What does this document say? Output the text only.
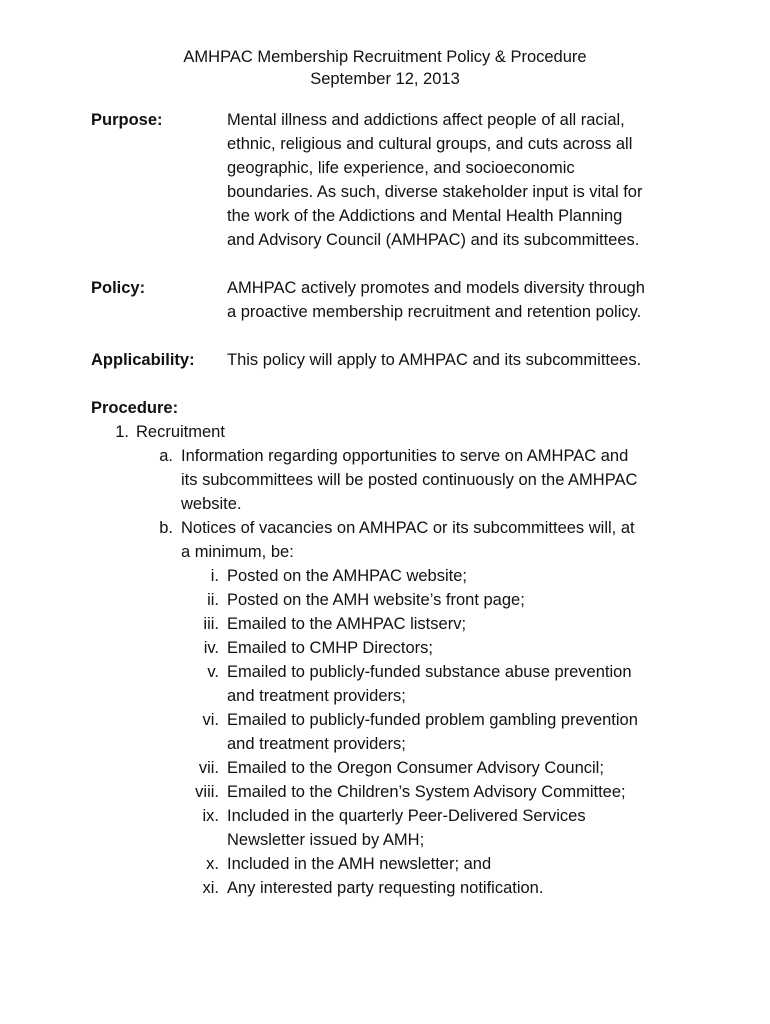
AMHPAC Membership Recruitment Policy & Procedure
September 12, 2013
Purpose:	Mental illness and addictions affect people of all racial,
ethnic, religious and cultural groups, and cuts across all
geographic, life experience, and socioeconomic
boundaries. As such, diverse stakeholder input is vital for
the work of the Addictions and Mental Health Planning
and Advisory Council (AMHPAC) and its subcommittees.
Policy:	AMHPAC actively promotes and models diversity through
a proactive membership recruitment and retention policy.
Applicability: This policy will apply to AMHPAC and its subcommittees.
Procedure:
1. Recruitment
a. Information regarding opportunities to serve on AMHPAC and
its subcommittees will be posted continuously on the AMHPAC
website.
b. Notices of vacancies on AMHPAC or its subcommittees will, at
a minimum, be:
i. Posted on the AMHPAC website;
ii. Posted on the AMH website’s front page;
iii. Emailed to the AMHPAC listserv;
iv. Emailed to CMHP Directors;
v. Emailed to publicly-funded substance abuse prevention
and treatment providers;
vi. Emailed to publicly-funded problem gambling prevention
and treatment providers;
vii. Emailed to the Oregon Consumer Advisory Council;
viii. Emailed to the Children’s System Advisory Committee;
ix. Included in the quarterly Peer-Delivered Services
Newsletter issued by AMH;
x. Included in the AMH newsletter; and
xi. Any interested party requesting notification.
